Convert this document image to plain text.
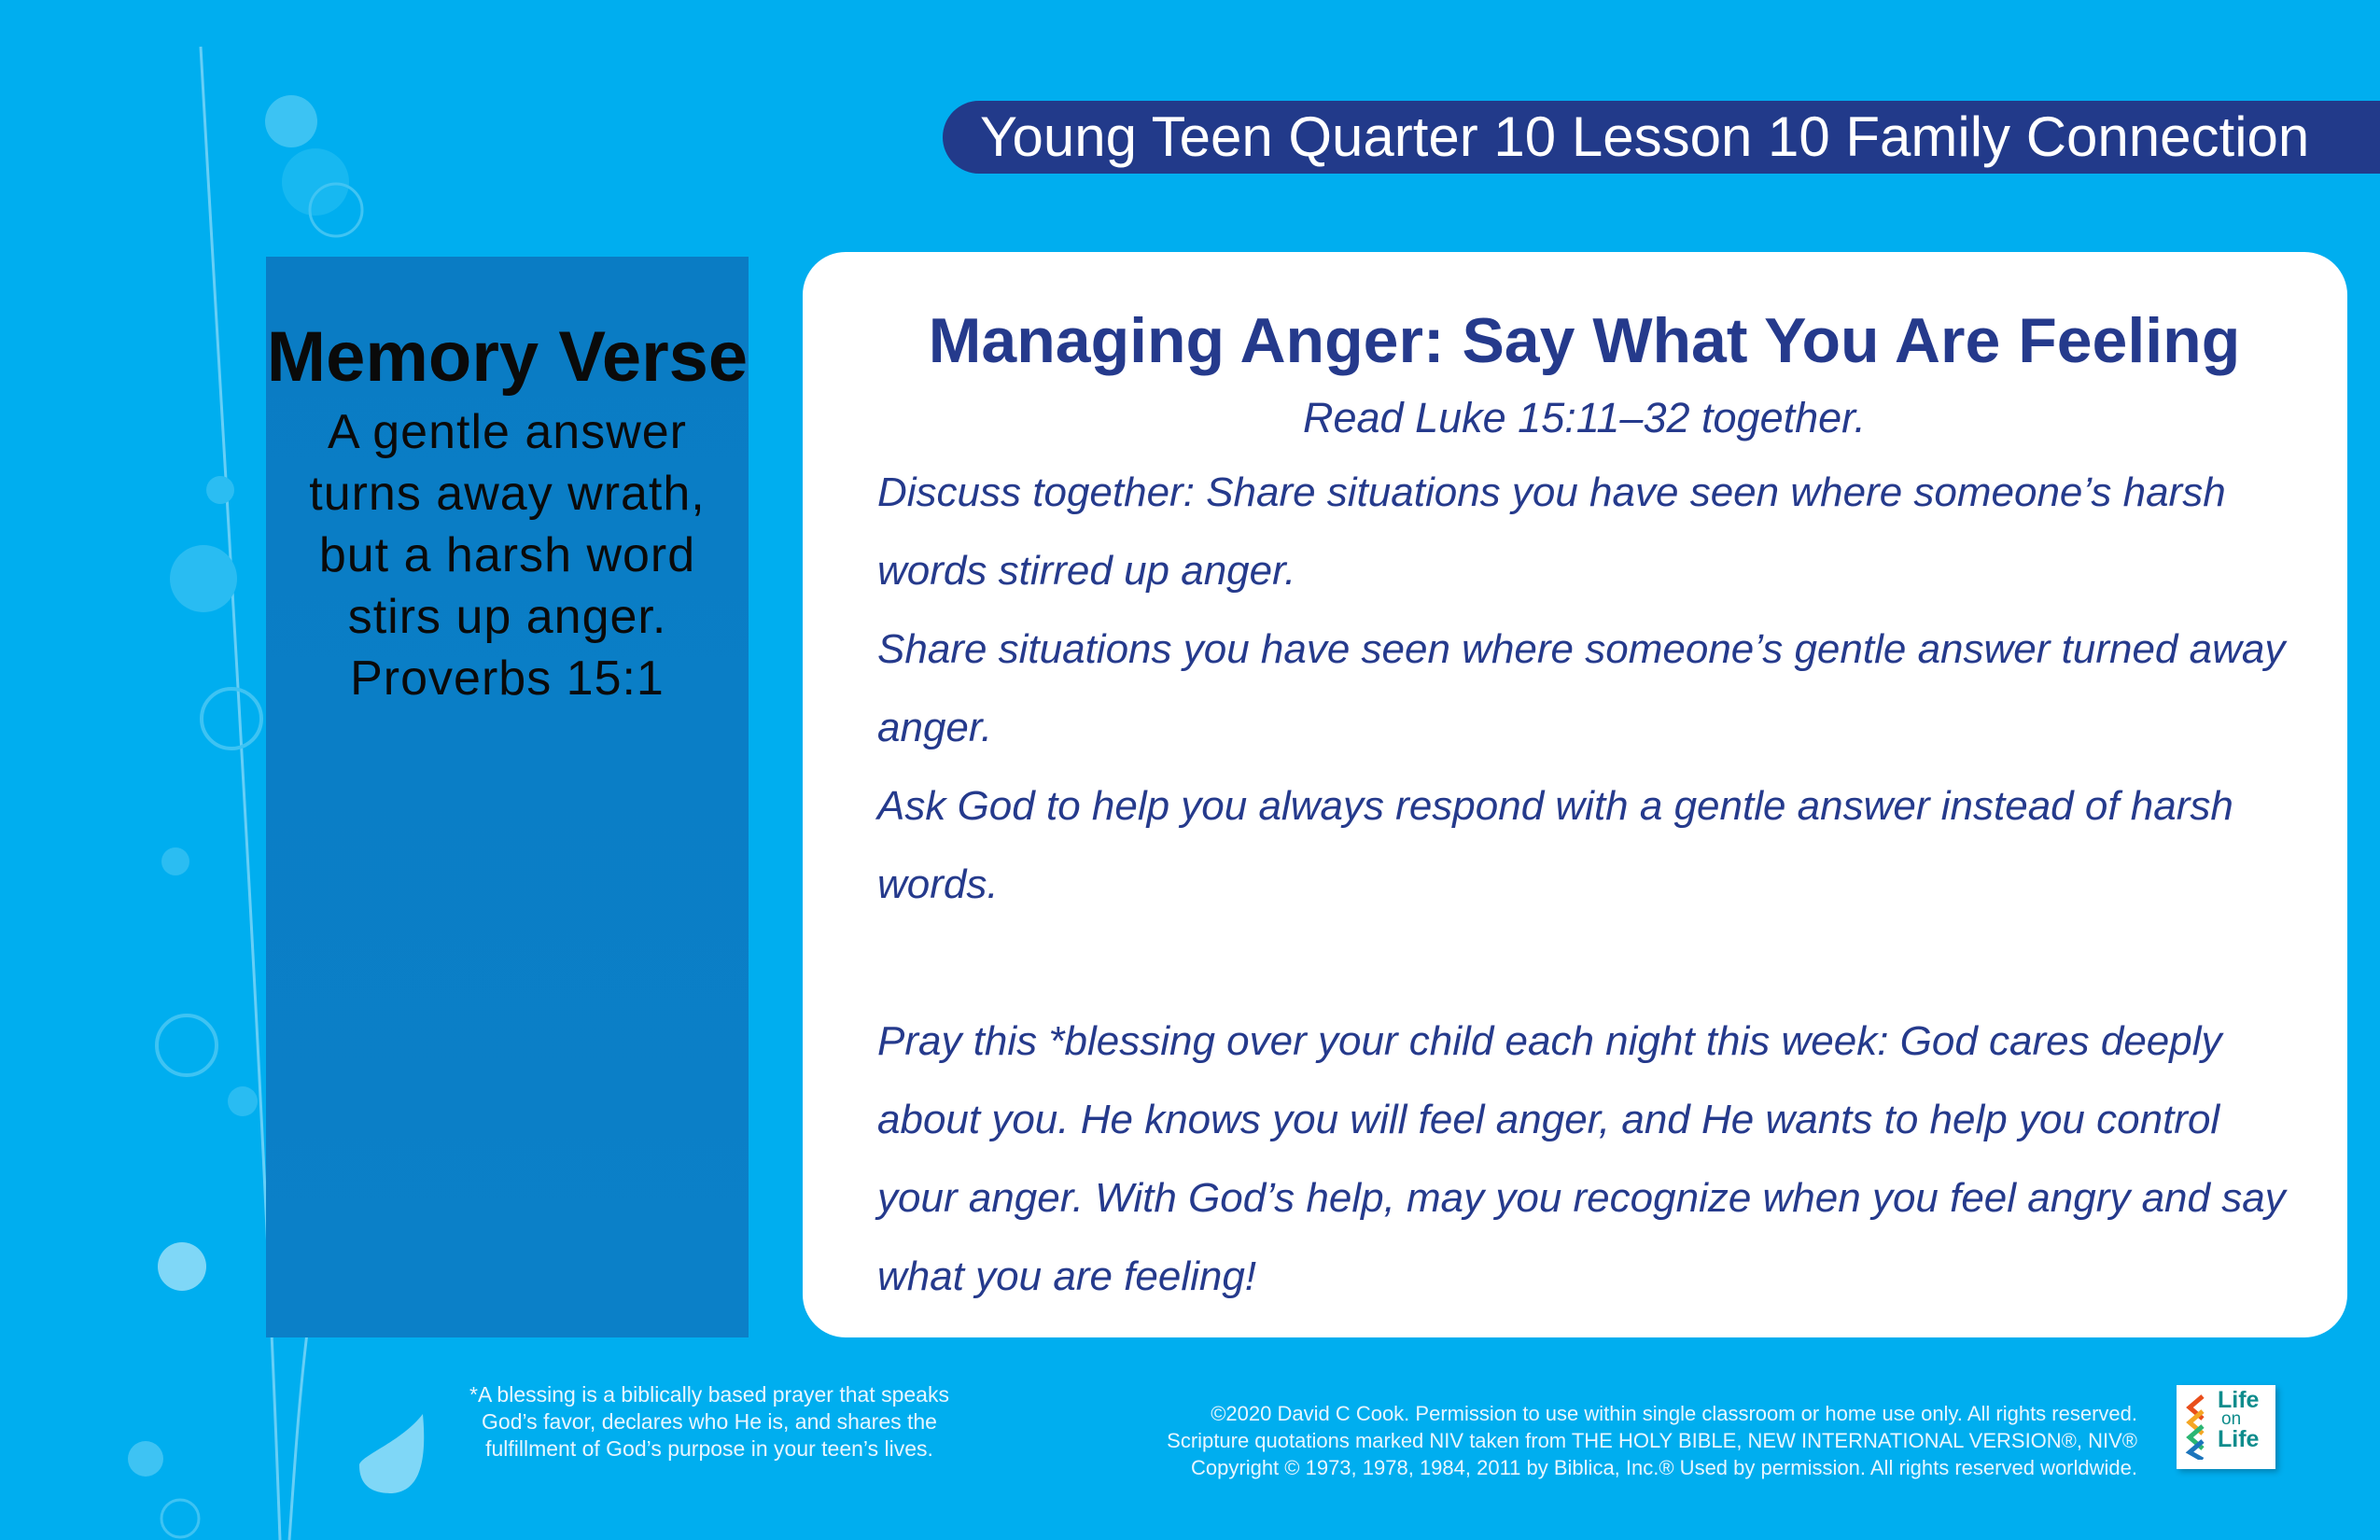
Young Teen Quarter 10 Lesson 10 Family Connection
Memory Verse
A gentle answer turns away wrath, but a harsh word stirs up anger.
Proverbs 15:1
Managing Anger: Say What You Are Feeling
Read Luke 15:11–32 together.

Discuss together: Share situations you have seen where someone’s harsh words stirred up anger.

Share situations you have seen where someone’s gentle answer turned away anger.

Ask God to help you always respond with a gentle answer instead of harsh words.

Pray this *blessing over your child each night this week: God cares deeply about you. He knows you will feel anger, and He wants to help you control your anger. With God’s help, may you recognize when you feel angry and say what you are feeling!

*A blessing is a biblically based prayer that speaks God’s favor, declares who He is, and shares the fulfillment of God’s purpose in your teen’s lives.
©2020 David C Cook. Permission to use within single classroom or home use only. All rights reserved.
Scripture quotations marked NIV taken from THE HOLY BIBLE, NEW INTERNATIONAL VERSION®, NIV®
Copyright © 1973, 1978, 1984, 2011 by Biblica, Inc.® Used by permission. All rights reserved worldwide.
Life
on
Life
